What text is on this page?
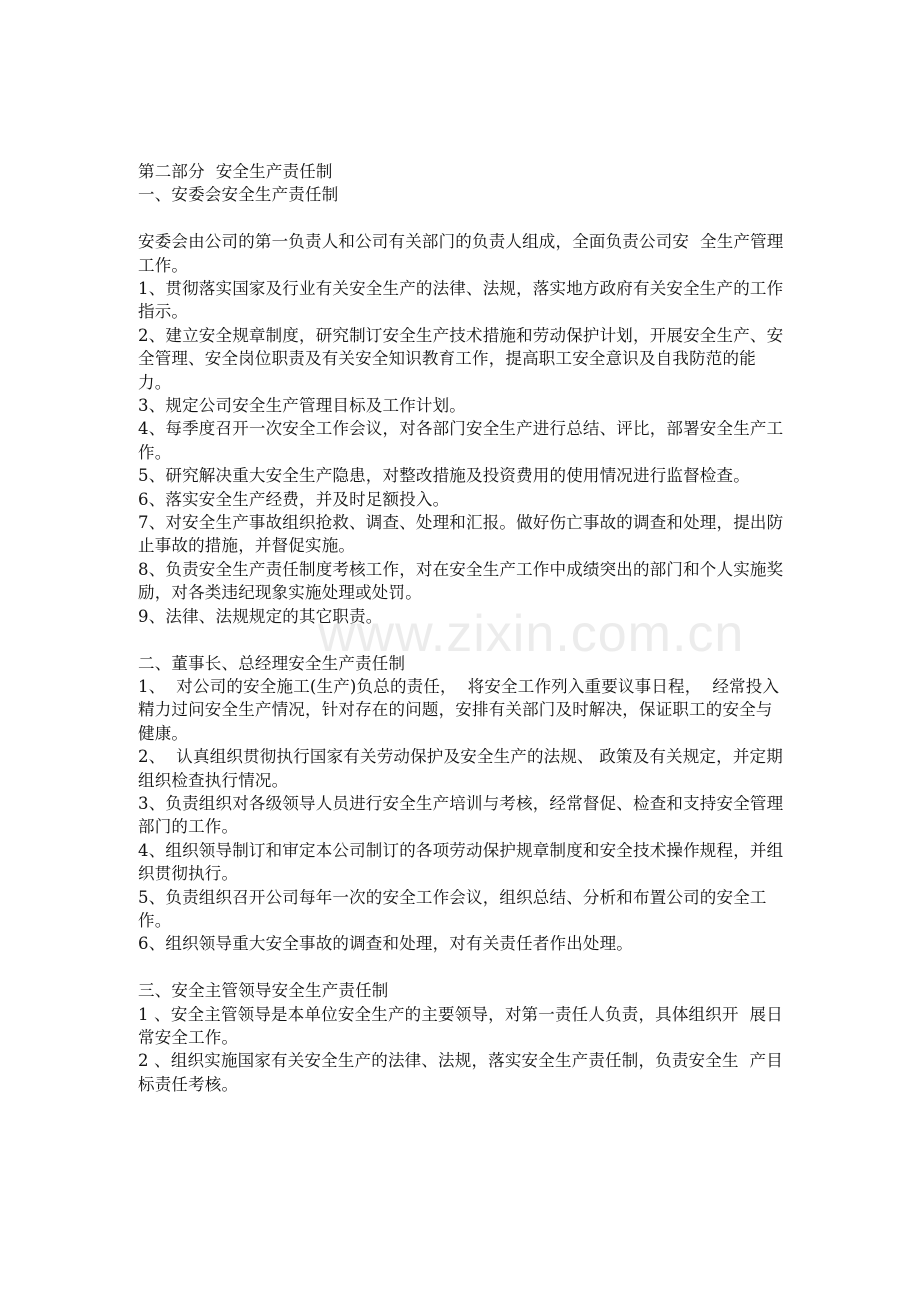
www.zixin.com.cn

第二部分  安全生产责任制

一、安委会安全生产责任制

安委会由公司的第一负责人和公司有关部门的负责人组成，全面负责公司安  全生产管理工作。

1、贯彻落实国家及行业有关安全生产的法律、法规，落实地方政府有关安全生产的工作指示。

2、建立安全规章制度，研究制订安全生产技术措施和劳动保护计划，开展安全生产、安全管理、安全岗位职责及有关安全知识教育工作，提高职工安全意识及自我防范的能力。

3、规定公司安全生产管理目标及工作计划。

4、每季度召开一次安全工作会议，对各部门安全生产进行总结、评比，部署安全生产工作。

5、研究解决重大安全生产隐患，对整改措施及投资费用的使用情况进行监督检查。

6、落实安全生产经费，并及时足额投入。

7、对安全生产事故组织抢救、调查、处理和汇报。做好伤亡事故的调查和处理，提出防止事故的措施，并督促实施。

8、负责安全生产责任制度考核工作，对在安全生产工作中成绩突出的部门和个人实施奖励，对各类违纪现象实施处理或处罚。

9、法律、法规规定的其它职责。

二、董事长、总经理安全生产责任制

1、  对公司的安全施工(生产)负总的责任，  将安全工作列入重要议事日程，  经常投入精力过问安全生产情况，针对存在的问题，安排有关部门及时解决，保证职工的安全与健康。

2、  认真组织贯彻执行国家有关劳动保护及安全生产的法规、 政策及有关规定，并定期组织检查执行情况。

3、负责组织对各级领导人员进行安全生产培训与考核，经常督促、检查和支持安全管理部门的工作。

4、组织领导制订和审定本公司制订的各项劳动保护规章制度和安全技术操作规程，并组织贯彻执行。

5、负责组织召开公司每年一次的安全工作会议，组织总结、分析和布置公司的安全工作。

6、组织领导重大安全事故的调查和处理，对有关责任者作出处理。

三、安全主管领导安全生产责任制

1 、安全主管领导是本单位安全生产的主要领导，对第一责任人负责，具体组织开  展日常安全工作。

2 、组织实施国家有关安全生产的法律、法规，落实安全生产责任制，负责安全生  产目标责任考核。
